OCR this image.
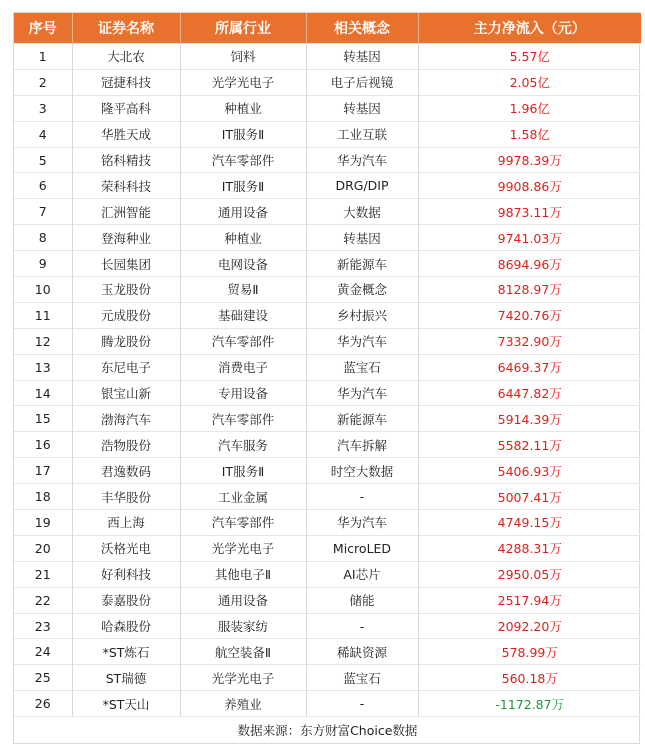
序号	证券名称	所属行业	相关概念	主力净流入（元）
1	大北农	饲料	转基因	5.57亿
2	冠捷科技	光学光电子	电子后视镜	2.05亿
3	隆平高科	种植业	转基因	1.96亿
4	华胜天成	IT服务Ⅱ	工业互联	1.58亿
5	铭科精技	汽车零部件	华为汽车	9978.39万
6	荣科科技	IT服务Ⅱ	DRG/DIP	9908.86万
7	汇洲智能	通用设备	大数据	9873.11万
8	登海种业	种植业	转基因	9741.03万
9	长园集团	电网设备	新能源车	8694.96万
10	玉龙股份	贸易Ⅱ	黄金概念	8128.97万
11	元成股份	基础建设	乡村振兴	7420.76万
12	腾龙股份	汽车零部件	华为汽车	7332.90万
13	东尼电子	消费电子	蓝宝石	6469.37万
14	银宝山新	专用设备	华为汽车	6447.82万
15	渤海汽车	汽车零部件	新能源车	5914.39万
16	浩物股份	汽车服务	汽车拆解	5582.11万
17	君逸数码	IT服务Ⅱ	时空大数据	5406.93万
18	丰华股份	工业金属	-	5007.41万
19	西上海	汽车零部件	华为汽车	4749.15万
20	沃格光电	光学光电子	MicroLED	4288.31万
21	好利科技	其他电子Ⅱ	AI芯片	2950.05万
22	泰嘉股份	通用设备	储能	2517.94万
23	哈森股份	服装家纺	-	2092.20万
24	*ST炼石	航空装备Ⅱ	稀缺资源	578.99万
25	ST瑞德	光学光电子	蓝宝石	560.18万
26	*ST天山	养殖业	-	-1172.87万
数据来源：东方财富Choice数据				
